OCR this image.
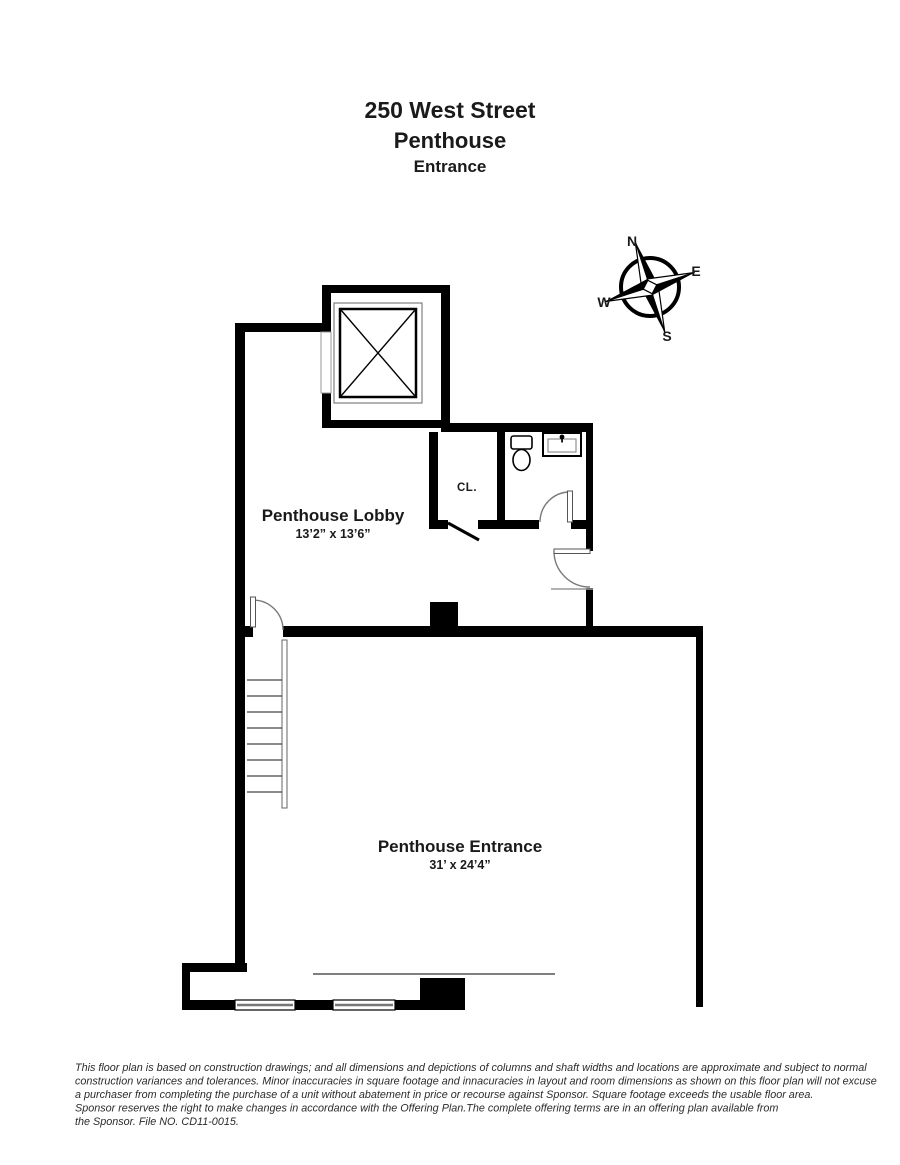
250 West Street
Penthouse
Entrance
N
E
S
W
Penthouse Lobby
13’2” x 13’6”
CL.
Penthouse Entrance
31’ x 24’4”
This floor plan is based on construction drawings; and all dimensions and depictions of columns and shaft widths and locations are approximate and subject to normal
construction variances and tolerances. Minor inaccuracies in square footage and innacuracies in layout and room dimensions as shown on this floor plan will not excuse
a purchaser from completing the purchase of a unit without abatement in price or recourse against Sponsor. Square footage exceeds the usable floor area.
Sponsor reserves the right to make changes in accordance with the Offering Plan.The complete offering terms are in an offering plan available from
the Sponsor. File NO. CD11-0015.
